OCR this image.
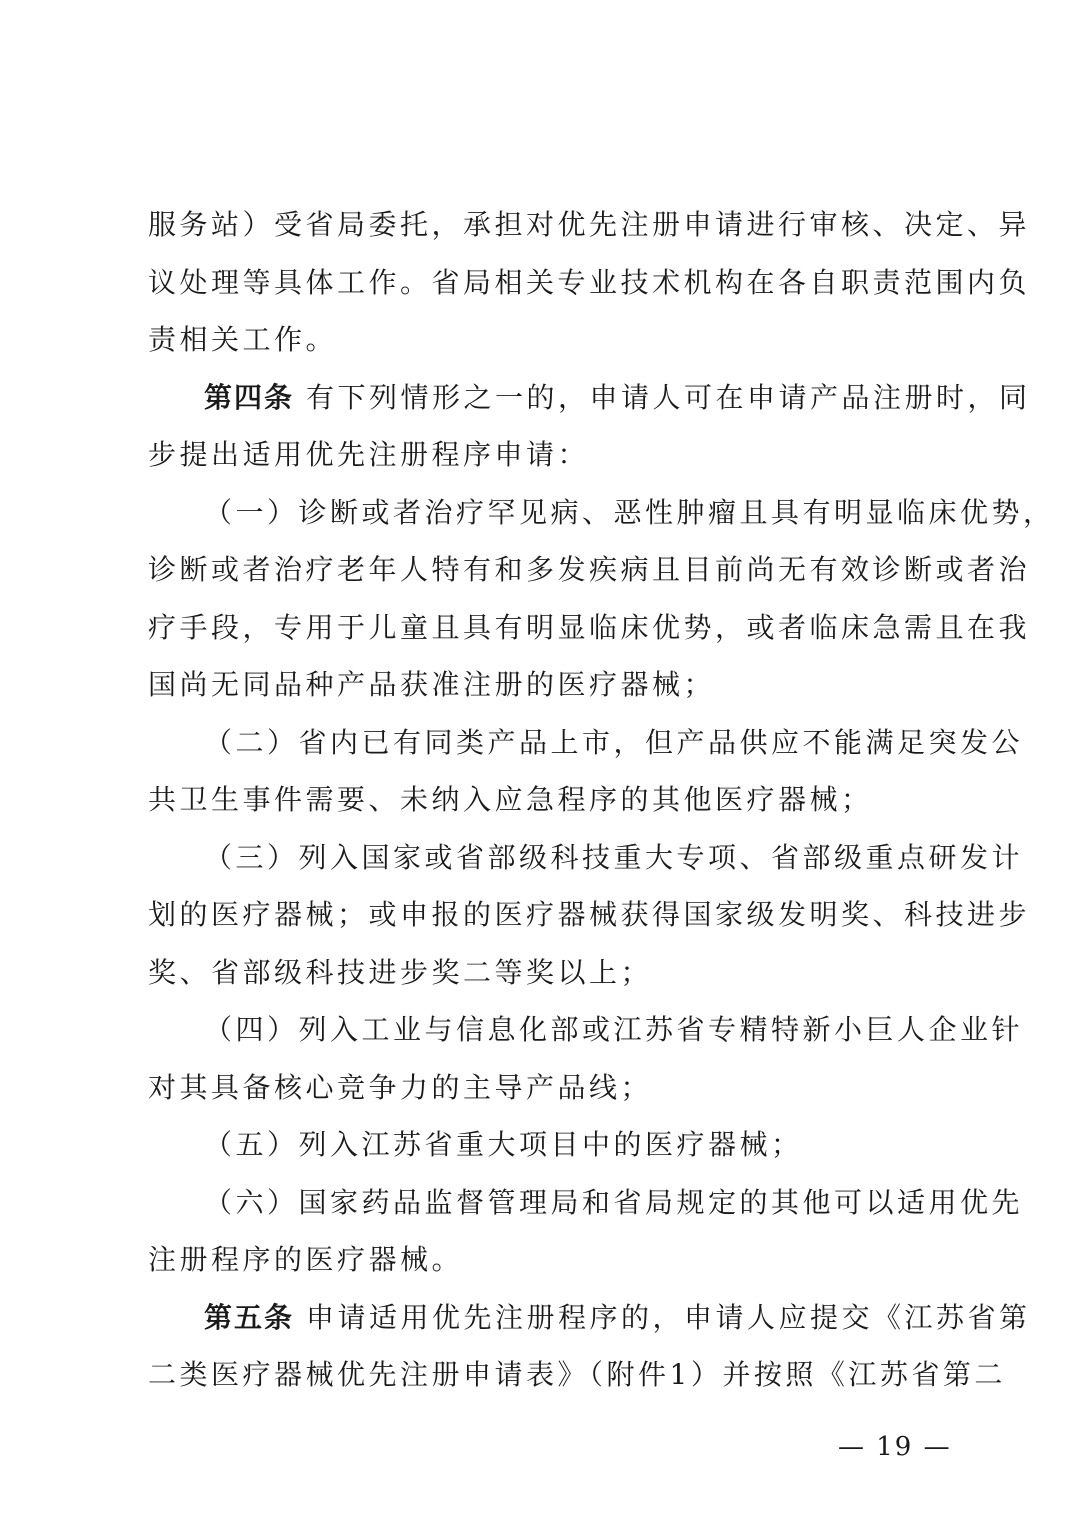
服务站）受省局委托，承担对优先注册申请进行审核、决定、异
议处理等具体工作。省局相关专业技术机构在各自职责范围内负
责相关工作。
第四条 有下列情形之一的，申请人可在申请产品注册时，同
步提出适用优先注册程序申请：
（一）诊断或者治疗罕见病、恶性肿瘤且具有明显临床优势，
诊断或者治疗老年人特有和多发疾病且目前尚无有效诊断或者治
疗手段，专用于儿童且具有明显临床优势，或者临床急需且在我
国尚无同品种产品获准注册的医疗器械；
（二）省内已有同类产品上市，但产品供应不能满足突发公
共卫生事件需要、未纳入应急程序的其他医疗器械；
（三）列入国家或省部级科技重大专项、省部级重点研发计
划的医疗器械；或申报的医疗器械获得国家级发明奖、科技进步
奖、省部级科技进步奖二等奖以上；
（四）列入工业与信息化部或江苏省专精特新小巨人企业针
对其具备核心竞争力的主导产品线；
（五）列入江苏省重大项目中的医疗器械；
（六）国家药品监督管理局和省局规定的其他可以适用优先
注册程序的医疗器械。
第五条 申请适用优先注册程序的，申请人应提交《江苏省第
二类医疗器械优先注册申请表》（附件1）并按照《江苏省第二
— 19 —
